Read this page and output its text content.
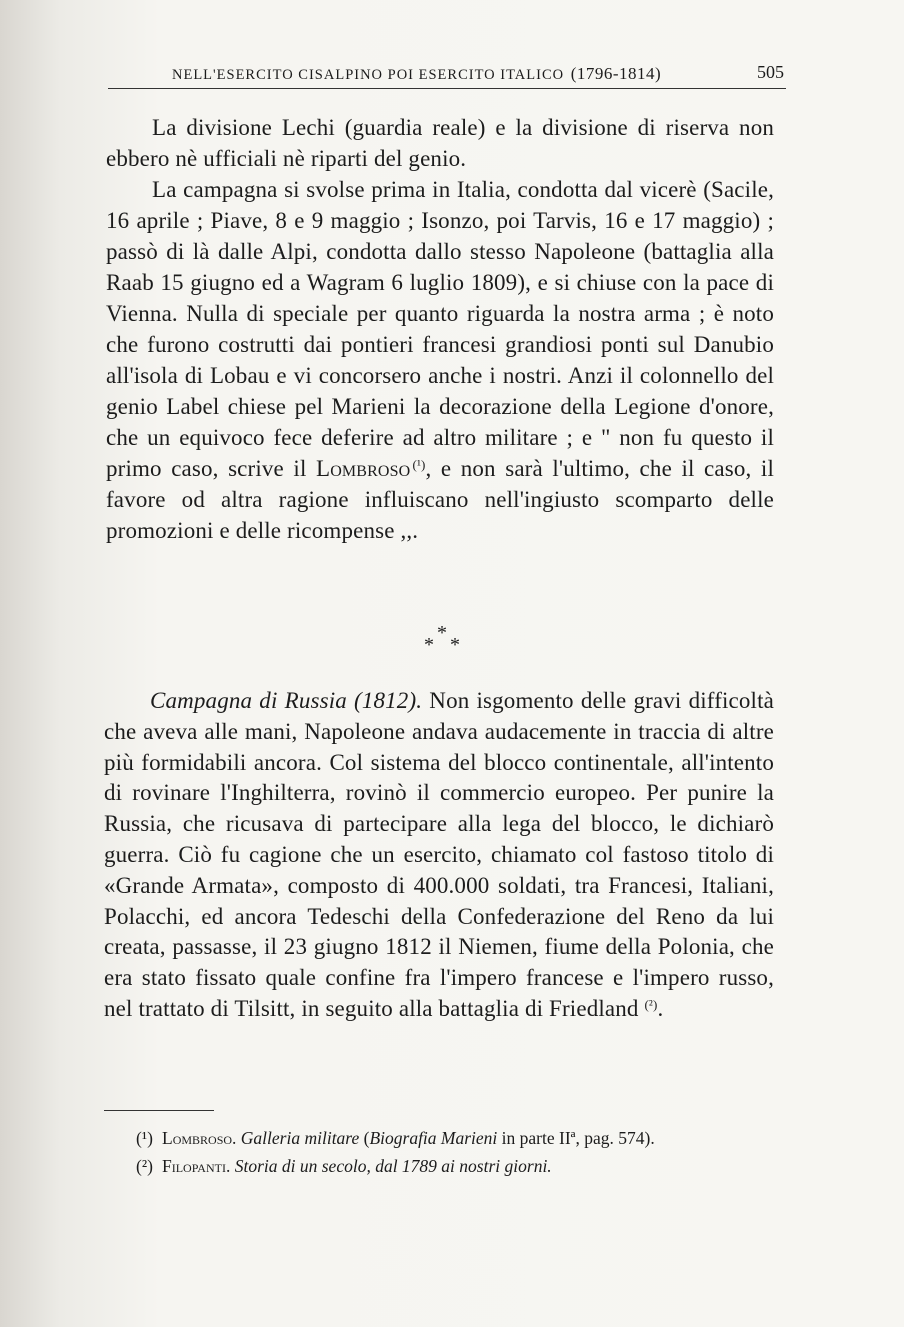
NELL'ESERCITO CISALPINO POI ESERCITO ITALICO (1796-1814)	505

La divisione Lechi (guardia reale) e la divisione di riserva non ebbero nè ufficiali nè riparti del genio.

La campagna si svolse prima in Italia, condotta dal vicerè (Sacile, 16 aprile ; Piave, 8 e 9 maggio ; Isonzo, poi Tarvis, 16 e 17 maggio) ; passò di là dalle Alpi, condotta dallo stesso Napoleone (battaglia alla Raab 15 giugno ed a Wagram 6 luglio 1809), e si chiuse con la pace di Vienna. Nulla di speciale per quanto riguarda la nostra arma ; è noto che furono costrutti dai pontieri francesi grandiosi ponti sul Danubio all'isola di Lobau e vi concorsero anche i nostri. Anzi il colonnello del genio Label chiese pel Marieni la decorazione della Legione d'onore, che un equivoco fece deferire ad altro militare ; e " non fu questo il primo caso, scrive il Lombroso  $^{(^1)}$, e non sarà l'ultimo, che il caso, il favore od altra ragione influiscano nell'ingiusto scomparto delle promozioni e delle ricompense ,,.

*
* *

Campagna di Russia (1812). Non isgomento delle gravi difficoltà che aveva alle mani, Napoleone andava audacemente in traccia di altre più formidabili ancora. Col sistema del blocco continentale, all'intento di rovinare l'Inghilterra, rovinò il commercio europeo. Per punire la Russia, che ricusava di partecipare alla lega del blocco, le dichiarò guerra. Ciò fu cagione che un esercito, chiamato col fastoso titolo di «Grande Armata», composto di 400.000 soldati, tra Francesi, Italiani, Polacchi, ed ancora Tedeschi della Confederazione del Reno da lui creata, passasse, il 23 giugno 1812 il Niemen, fiume della Polonia, che era stato fissato quale confine fra l'impero francese e l'impero russo, nel trattato di Tilsitt, in seguito alla battaglia di Friedland $^{(^2)}$.

(¹) Lombroso. Galleria militare (Biografia Marieni in parte IIª, pag. 574).
(²) Filopanti. Storia di un secolo, dal 1789 ai nostri giorni.
